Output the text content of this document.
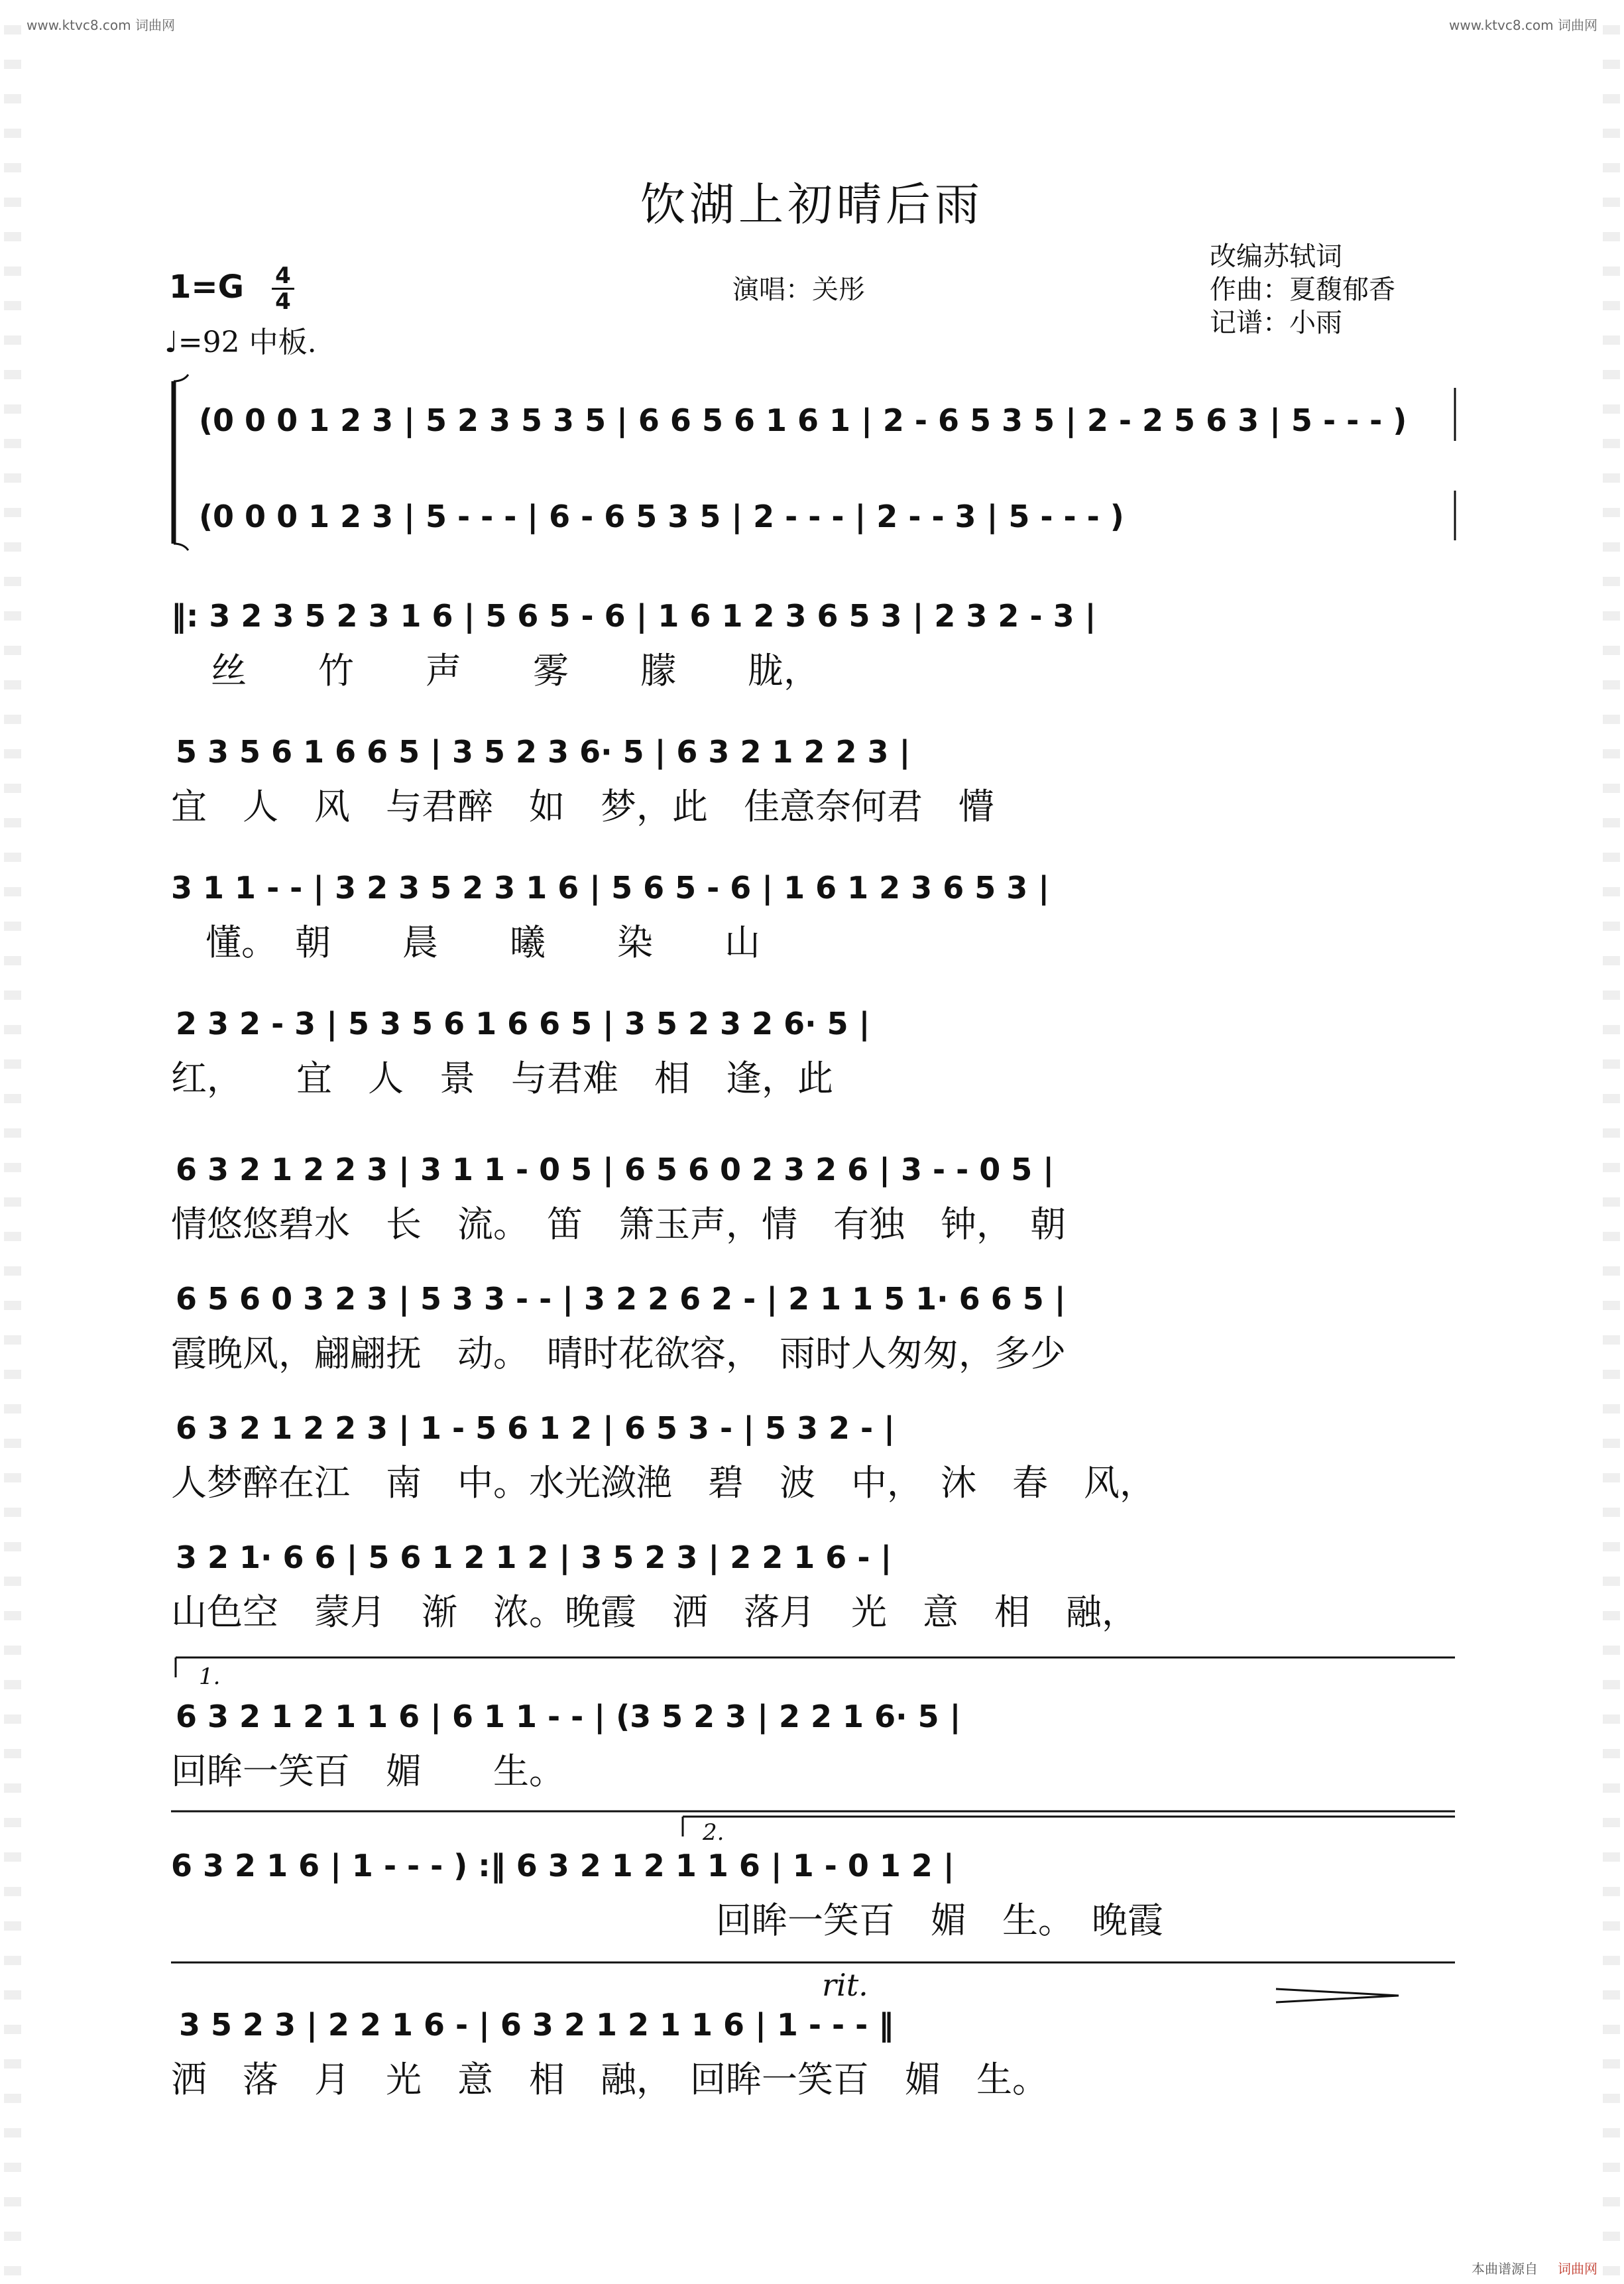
www.ktvc8.com 词曲网	www.ktvc8.com 词曲网
饮湖上初晴后雨
1=G 4
4
♩=92 中板.
演唱：关彤
改编苏轼词
作曲：夏馥郁香
记谱：小雨
(0 0 0 1 2 3 | 5 2 3 5 3 5 | 6 6 5 6 1 6 1 | 2 - 6 5 3 5 | 2 - 2 5 6 3 | 5 - - - )
(0 0 0 1 2 3 | 5 - - - | 6 - 6 5 3 5 | 2 - - - | 2 - - 3 | 5 - - - )
‖: 3 2 3 5 2 3 1 6 | 5 6 5 - 6 | 1 6 1 2 3 6 5 3 | 2 3 2 - 3 |
丝　　竹　　声　　雾　　朦　　胧，
5 3 5 6 1 6 6 5 | 3 5 2 3 6· 5 | 6 3 2 1 2 2 3 |
宜　人　风　与君醉　如　梦，此　佳意奈何君　懵
3 1 1 - - | 3 2 3 5 2 3 1 6 | 5 6 5 - 6 | 1 6 1 2 3 6 5 3 |
懂。　朝　　晨　　曦　　染　　山
2 3 2 - 3 | 5 3 5 6 1 6 6 5 | 3 5 2 3 2 6· 5 |
红，　　宜　人　景　与君难　相　逢，此
6 3 2 1 2 2 3 | 3 1 1 - 0 5 | 6 5 6 0 2 3 2 6 | 3 - - 0 5 |
情悠悠碧水　长　流。　笛　箫玉声，情　有独　钟，　朝
6 5 6 0 3 2 3 | 5 3 3 - - | 3 2 2 6 2 - | 2 1 1 5 1· 6 6 5 |
霞晚风，翩翩抚　动。　晴时花欲容，　雨时人匆匆，多少
6 3 2 1 2 2 3 | 1 - 5 6 1 2 | 6 5 3 - | 5 3 2 - |
人梦醉在江　南　中。水光潋滟　碧　波　中，　沐　春　风，
3 2 1· 6 6 | 5 6 1 2 1 2 | 3 5 2 3 | 2 2 1 6 - |
山色空　蒙月　渐　浓。晚霞　洒　落月　光　意　相　融，
1.
6 3 2 1 2 1 1 6 | 6 1 1 - - | (3 5 2 3 | 2 2 1 6· 5 |
回眸一笑百　媚　　生。
2.
6 3 2 1 6 | 1 - - - ) :‖ 6 3 2 1 2 1 1 6 | 1 - 0 1 2 |
回眸一笑百　媚　生。　晚霞
rit.
3 5 2 3 | 2 2 1 6 - | 6 3 2 1 2 1 1 6 | 1 - - - ‖
洒　落　月　光　意　相　融，　回眸一笑百　媚　生。
本曲谱源自 词曲网
